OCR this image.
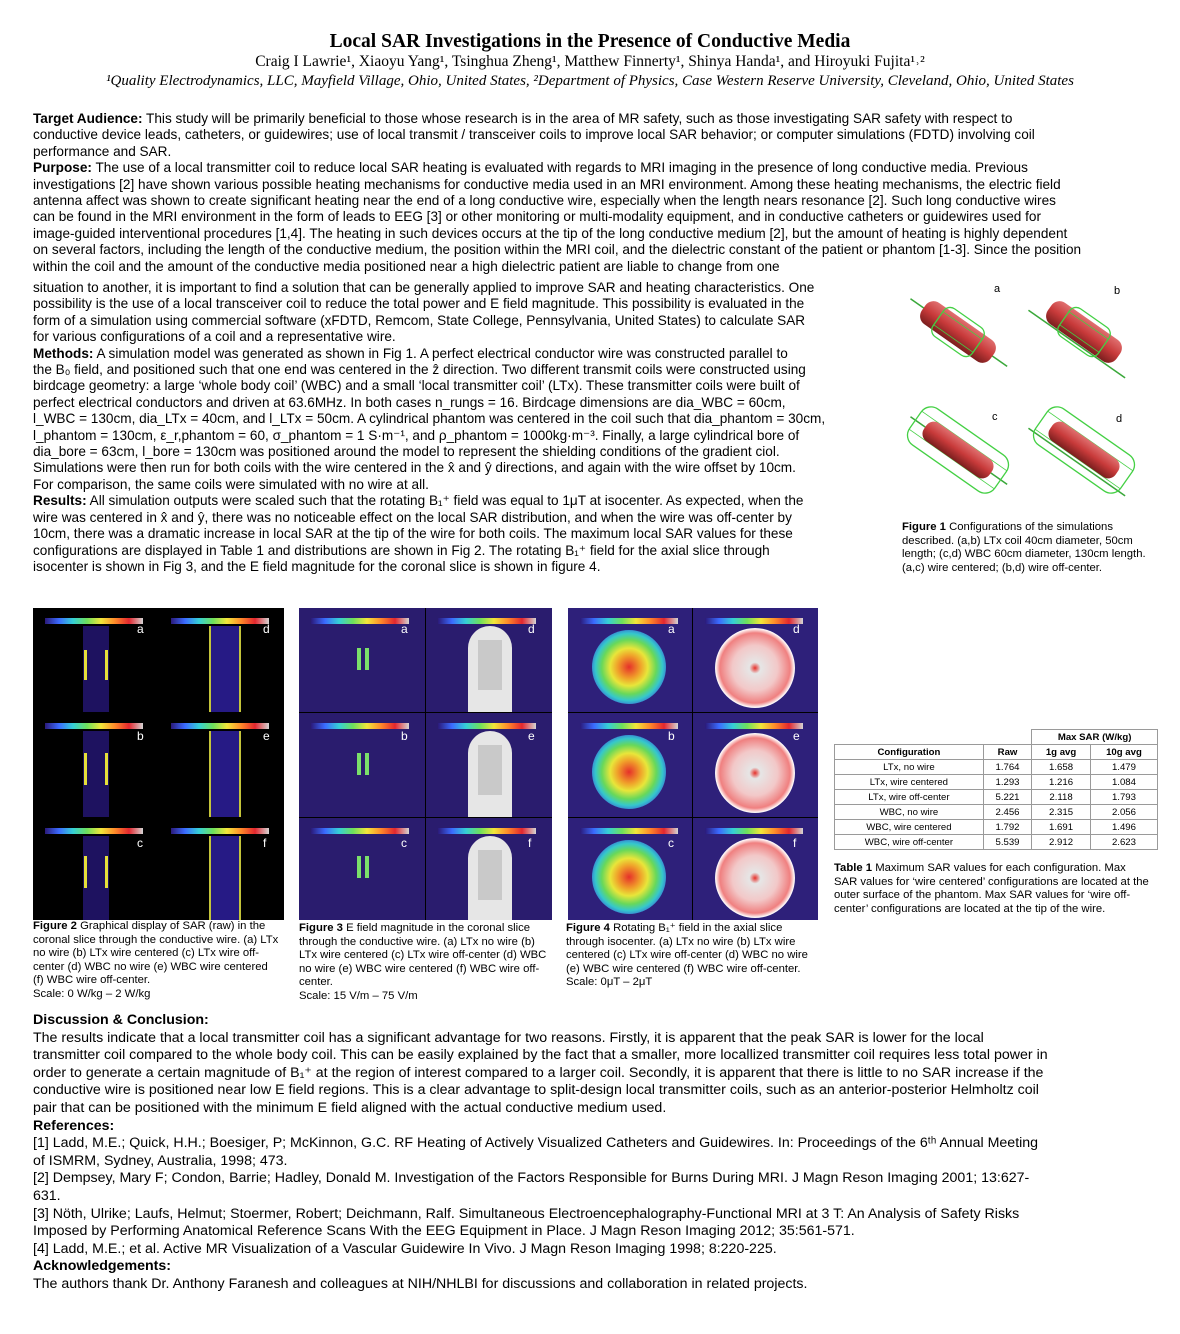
Local SAR Investigations in the Presence of Conductive Media
Craig I Lawrie¹, Xiaoyu Yang¹, Tsinghua Zheng¹, Matthew Finnerty¹, Shinya Handa¹, and Hiroyuki Fujita¹˒²
¹Quality Electrodynamics, LLC, Mayfield Village, Ohio, United States, ²Department of Physics, Case Western Reserve University, Cleveland, Ohio, United States
Target Audience: This study will be primarily beneficial to those whose research is in the area of MR safety, such as those investigating SAR safety with respect to
conductive device leads, catheters, or guidewires; use of local transmit / transceiver coils to improve local SAR behavior; or computer simulations (FDTD) involving coil
performance and SAR.
Purpose: The use of a local transmitter coil to reduce local SAR heating is evaluated with regards to MRI imaging in the presence of long conductive media. Previous
investigations [2] have shown various possible heating mechanisms for conductive media used in an MRI environment. Among these heating mechanisms, the electric field
antenna affect was shown to create significant heating near the end of a long conductive wire, especially when the length nears resonance [2]. Such long conductive wires
can be found in the MRI environment in the form of leads to EEG [3] or other monitoring or multi-modality equipment, and in conductive catheters or guidewires used for
image-guided interventional procedures [1,4]. The heating in such devices occurs at the tip of the long conductive medium [2], but the amount of heating is highly dependent
on several factors, including the length of the conductive medium, the position within the MRI coil, and the dielectric constant of the patient or phantom [1-3]. Since the position
within the coil and the amount of the conductive media positioned near a high dielectric patient are liable to change from one
situation to another, it is important to find a solution that can be generally applied to improve SAR and heating characteristics. One
possibility is the use of a local transceiver coil to reduce the total power and E field magnitude. This possibility is evaluated in the
form of a simulation using commercial software (xFDTD, Remcom, State College, Pennsylvania, United States) to calculate SAR
for various configurations of a coil and a representative wire.
Methods: A simulation model was generated as shown in Fig 1. A perfect electrical conductor wire was constructed parallel to
the B₀ field, and positioned such that one end was centered in the ẑ direction. Two different transmit coils were constructed using
birdcage geometry: a large ‘whole body coil’ (WBC) and a small ‘local transmitter coil’ (LTx). These transmitter coils were built of
perfect electrical conductors and driven at 63.6MHz. In both cases n_rungs = 16. Birdcage dimensions are dia_WBC = 60cm,
l_WBC = 130cm, dia_LTx = 40cm, and l_LTx = 50cm. A cylindrical phantom was centered in the coil such that dia_phantom = 30cm,
l_phantom = 130cm, ε_r,phantom = 60, σ_phantom = 1 S·m⁻¹, and ρ_phantom = 1000kg·m⁻³. Finally, a large cylindrical bore of
dia_bore = 63cm, l_bore = 130cm was positioned around the model to represent the shielding conditions of the gradient ciol.
Simulations were then run for both coils with the wire centered in the x̂ and ŷ directions, and again with the wire offset by 10cm.
For comparison, the same coils were simulated with no wire at all.
Results: All simulation outputs were scaled such that the rotating B₁⁺ field was equal to 1μT at isocenter. As expected, when the
wire was centered in x̂ and ŷ, there was no noticeable effect on the local SAR distribution, and when the wire was off-center by
10cm, there was a dramatic increase in local SAR at the tip of the wire for both coils. The maximum local SAR values for these
configurations are displayed in Table 1 and distributions are shown in Fig 2. The rotating B₁⁺ field for the axial slice through
isocenter is shown in Fig 3, and the E field magnitude for the coronal slice is shown in figure 4.
a	b
c	d
Figure 1 Configurations of the simulations described. (a,b) LTx coil 40cm diameter, 50cm length; (c,d) WBC 60cm diameter, 130cm length. (a,c) wire centered; (b,d) wire off-center.
a	d
b	e
c	f
Figure 2 Graphical display of SAR (raw) in the coronal slice through the conductive wire. (a) LTx no wire (b) LTx wire centered (c) LTx wire off-center (d) WBC no wire (e) WBC wire centered (f) WBC wire off-center.
Scale: 0 W/kg – 2 W/kg
a	d
b	e
c	f
Figure 3 E field magnitude in the coronal slice through the conductive wire. (a) LTx no wire (b) LTx wire centered (c) LTx wire off-center (d) WBC no wire (e) WBC wire centered (f) WBC wire off-center.
Scale: 15 V/m – 75 V/m
a	d
b	e
c	f
Figure 4 Rotating B₁⁺ field in the axial slice through isocenter. (a) LTx no wire (b) LTx wire centered (c) LTx wire off-center (d) WBC no wire (e) WBC wire centered (f) WBC wire off-center.
Scale: 0μT – 2μT
		Max SAR (W/kg)	
Configuration	Raw	1g avg	10g avg
LTx, no wire	1.764	1.658	1.479
LTx, wire centered	1.293	1.216	1.084
LTx, wire off-center	5.221	2.118	1.793
WBC, no wire	2.456	2.315	2.056
WBC, wire centered	1.792	1.691	1.496
WBC, wire off-center	5.539	2.912	2.623
Table 1 Maximum SAR values for each configuration. Max SAR values for ‘wire centered’ configurations are located at the outer surface of the phantom. Max SAR values for ‘wire off-center’ configurations are located at the tip of the wire.
Discussion & Conclusion:
The results indicate that a local transmitter coil has a significant advantage for two reasons. Firstly, it is apparent that the peak SAR is lower for the local
transmitter coil compared to the whole body coil. This can be easily explained by the fact that a smaller, more locallized transmitter coil requires less total power in
order to generate a certain magnitude of B₁⁺ at the region of interest compared to a larger coil. Secondly, it is apparent that there is little to no SAR increase if the
conductive wire is positioned near low E field regions. This is a clear advantage to split-design local transmitter coils, such as an anterior-posterior Helmholtz coil
pair that can be positioned with the minimum E field aligned with the actual conductive medium used.
References:
[1] Ladd, M.E.; Quick, H.H.; Boesiger, P; McKinnon, G.C. RF Heating of Actively Visualized Catheters and Guidewires. In: Proceedings of the 6ᵗʰ Annual Meeting
of ISMRM, Sydney, Australia, 1998; 473.
[2] Dempsey, Mary F; Condon, Barrie; Hadley, Donald M. Investigation of the Factors Responsible for Burns During MRI. J Magn Reson Imaging 2001; 13:627-
631.
[3] Nöth, Ulrike; Laufs, Helmut; Stoermer, Robert; Deichmann, Ralf. Simultaneous Electroencephalography-Functional MRI at 3 T: An Analysis of Safety Risks
Imposed by Performing Anatomical Reference Scans With the EEG Equipment in Place. J Magn Reson Imaging 2012; 35:561-571.
[4] Ladd, M.E.; et al. Active MR Visualization of a Vascular Guidewire In Vivo. J Magn Reson Imaging 1998; 8:220-225.
Acknowledgements:
The authors thank Dr. Anthony Faranesh and colleagues at NIH/NHLBI for discussions and collaboration in related projects.
